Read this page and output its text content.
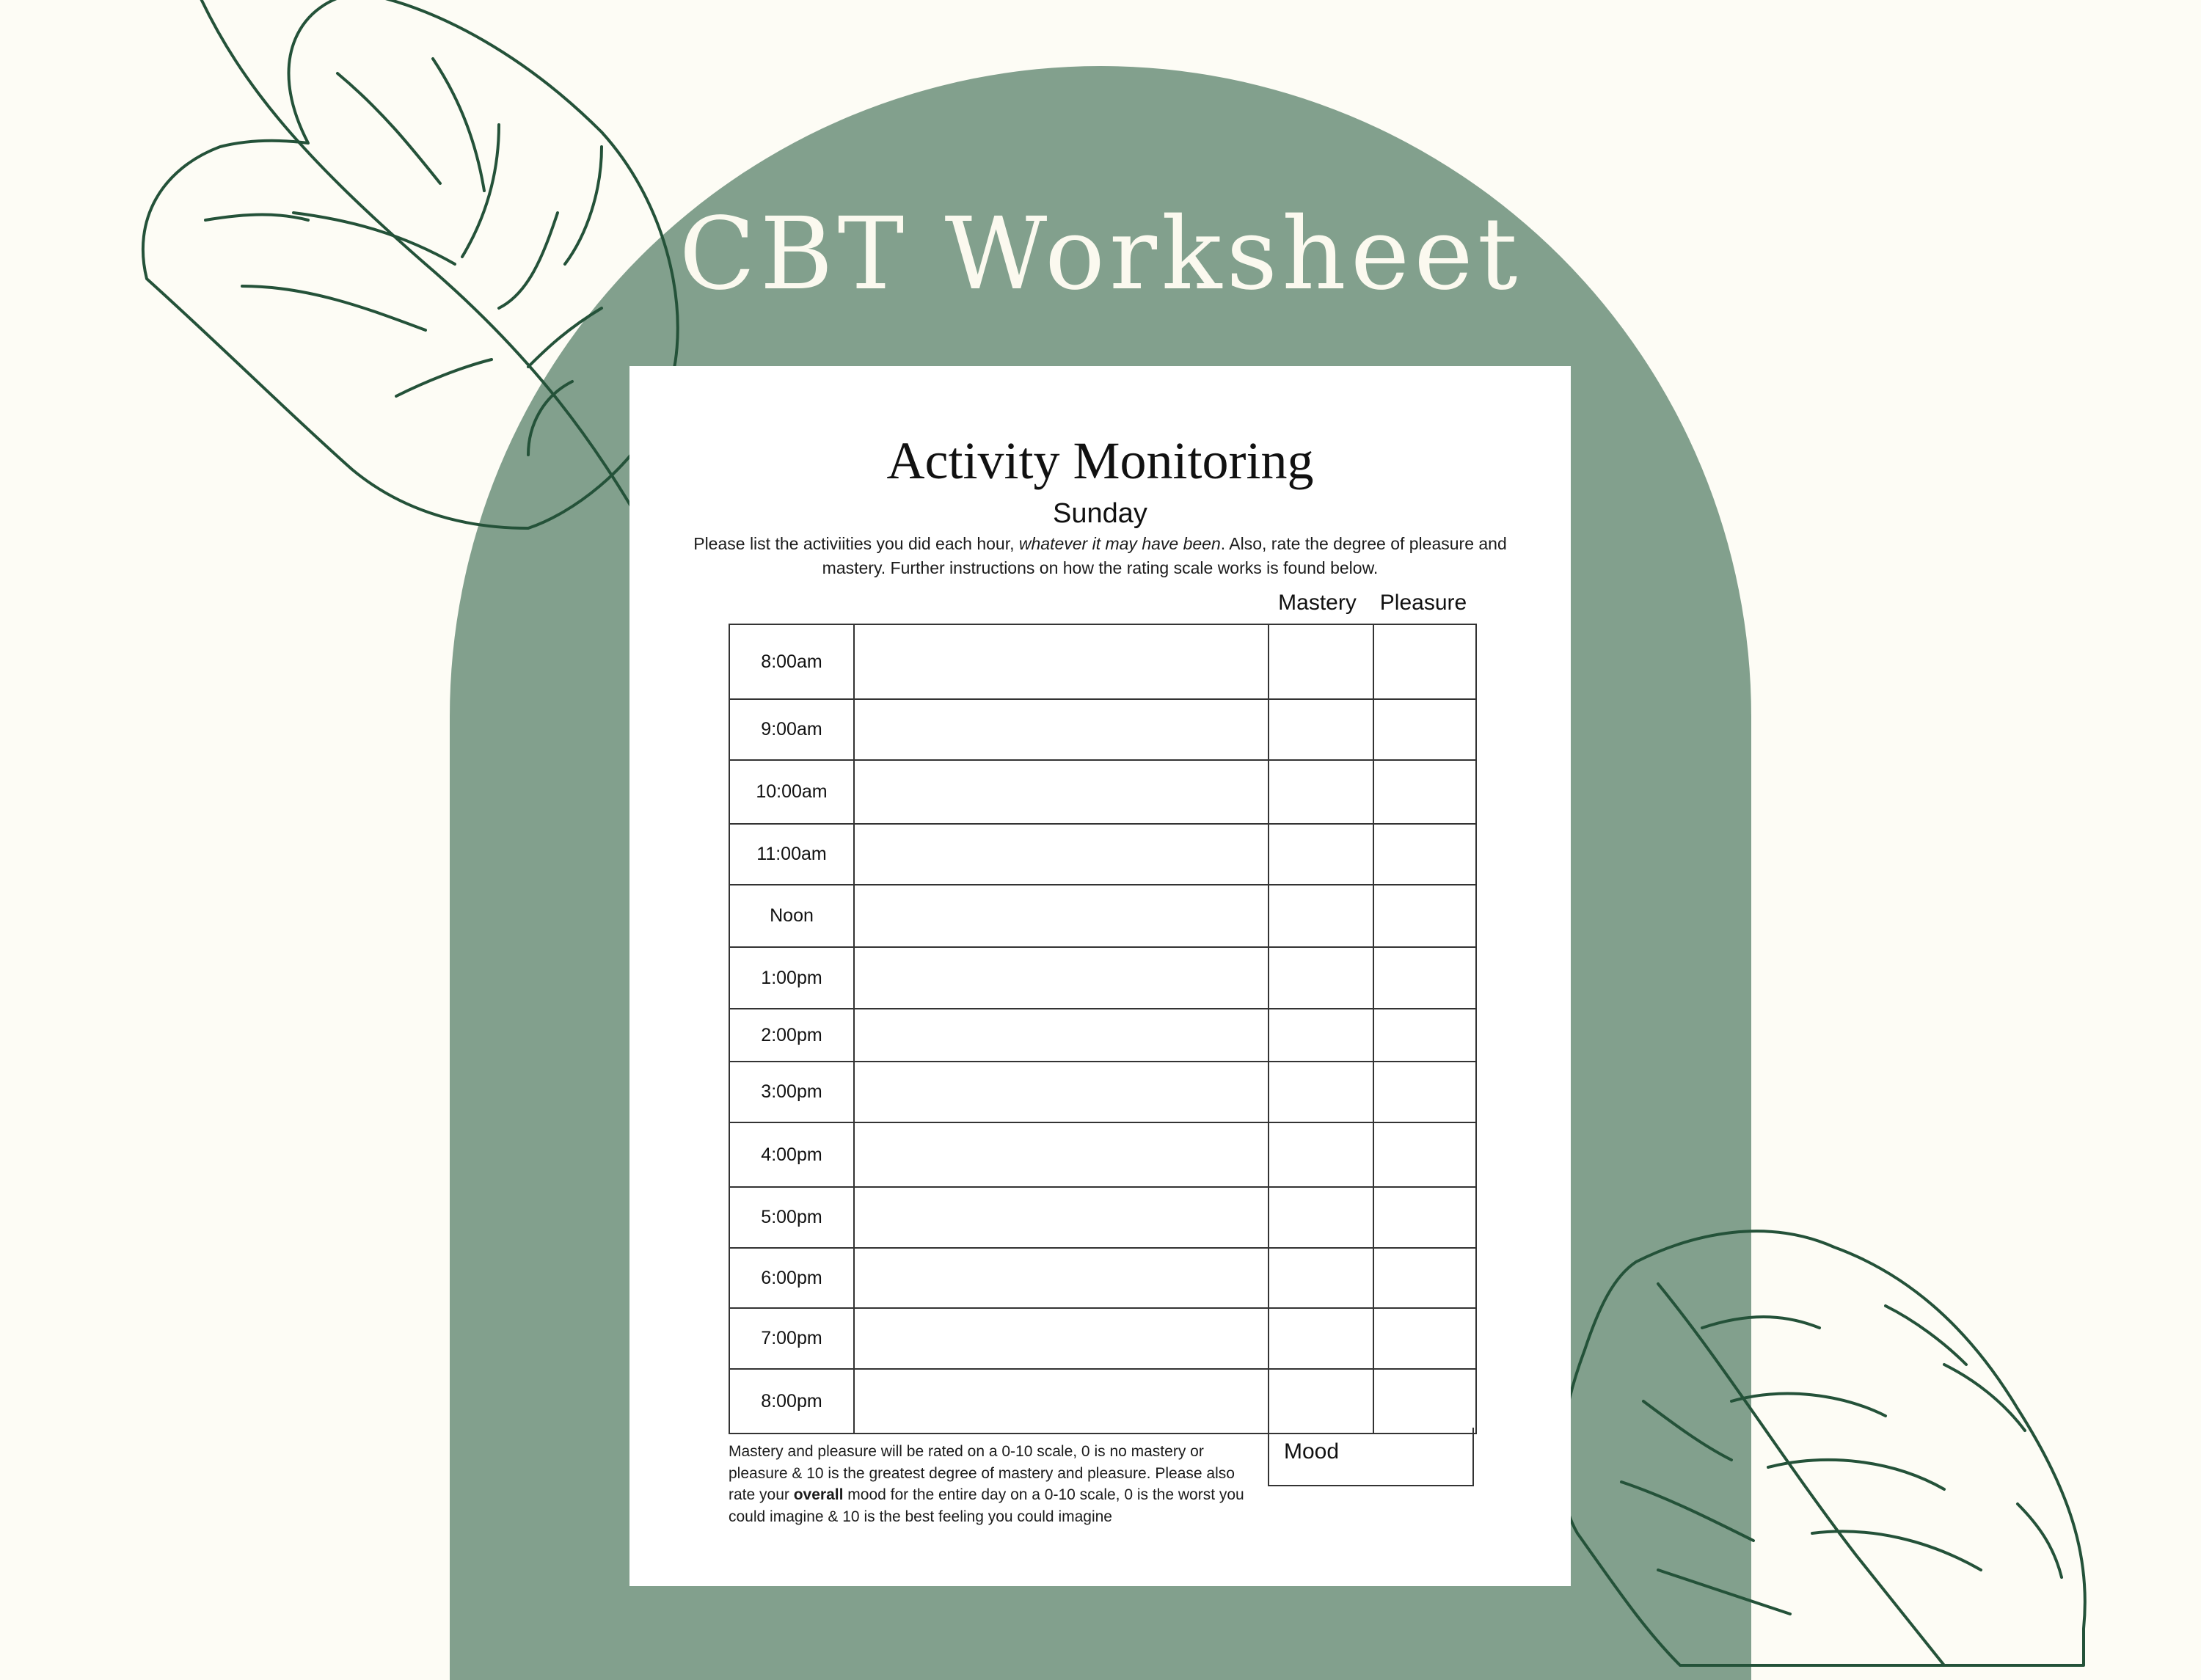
CBT Worksheet
Activity Monitoring
Sunday
Please list the activiities you did each hour, whatever it may have been. Also, rate the degree of pleasure and mastery. Further instructions on how the rating scale works is found below.
Mastery	Pleasure
8:00am			
9:00am			
10:00am			
11:00am			
Noon			
1:00pm			
2:00pm			
3:00pm			
4:00pm			
5:00pm			
6:00pm			
7:00pm			
8:00pm			
Mood
Mastery and pleasure will be rated on a 0-10 scale, 0 is no mastery or pleasure & 10 is the greatest degree of mastery and pleasure. Please also rate your overall mood for the entire day on a 0-10 scale, 0 is the worst you could imagine & 10 is the best feeling you could imagine
